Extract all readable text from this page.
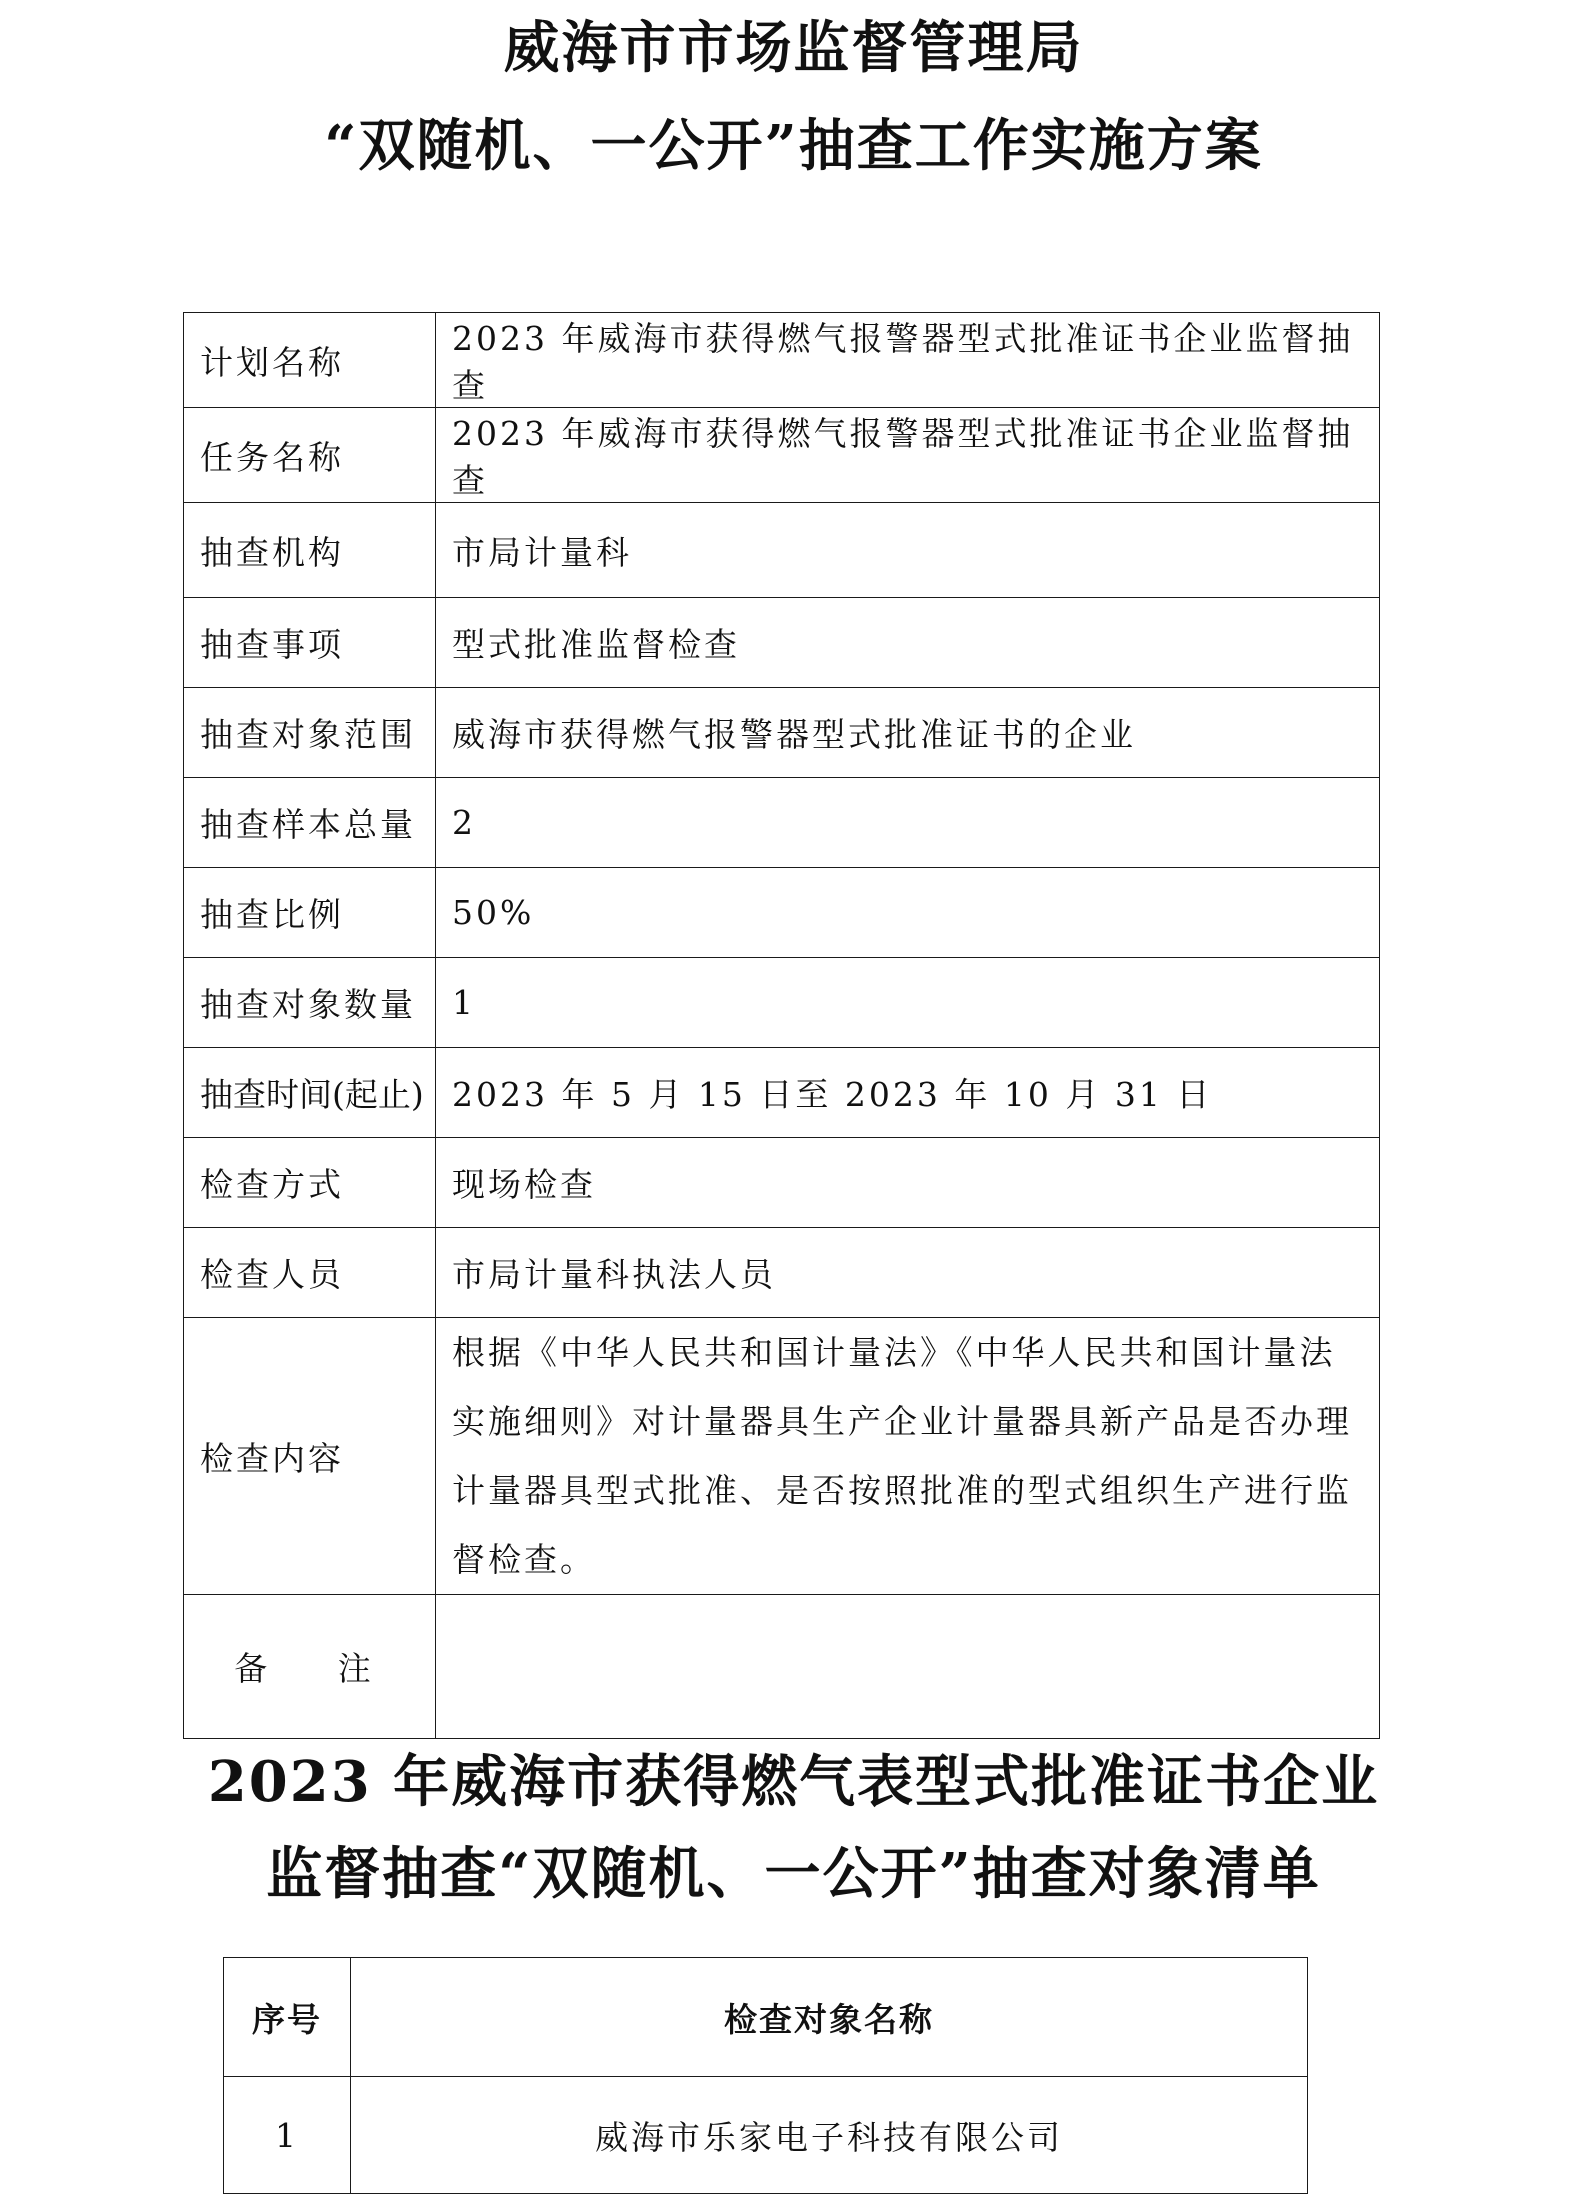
威海市市场监督管理局
“双随机、一公开”抽查工作实施方案
计划名称	2023 年威海市获得燃气报警器型式批准证书企业监督抽查
任务名称	2023 年威海市获得燃气报警器型式批准证书企业监督抽查
抽查机构	市局计量科
抽查事项	型式批准监督检查
抽查对象范围	威海市获得燃气报警器型式批准证书的企业
抽查样本总量	2
抽查比例	50%
抽查对象数量	1
抽查时间(起止)	2023 年 5 月 15 日至 2023 年 10 月 31 日
检查方式	现场检查
检查人员	市局计量科执法人员
检查内容	根据《中华人民共和国计量法》《中华人民共和国计量法实施细则》对计量器具生产企业计量器具新产品是否办理计量器具型式批准、是否按照批准的型式组织生产进行监督检查。
备 注	
2023 年威海市获得燃气表型式批准证书企业
监督抽查“双随机、一公开”抽查对象清单
序号	检查对象名称
1	威海市乐家电子科技有限公司
